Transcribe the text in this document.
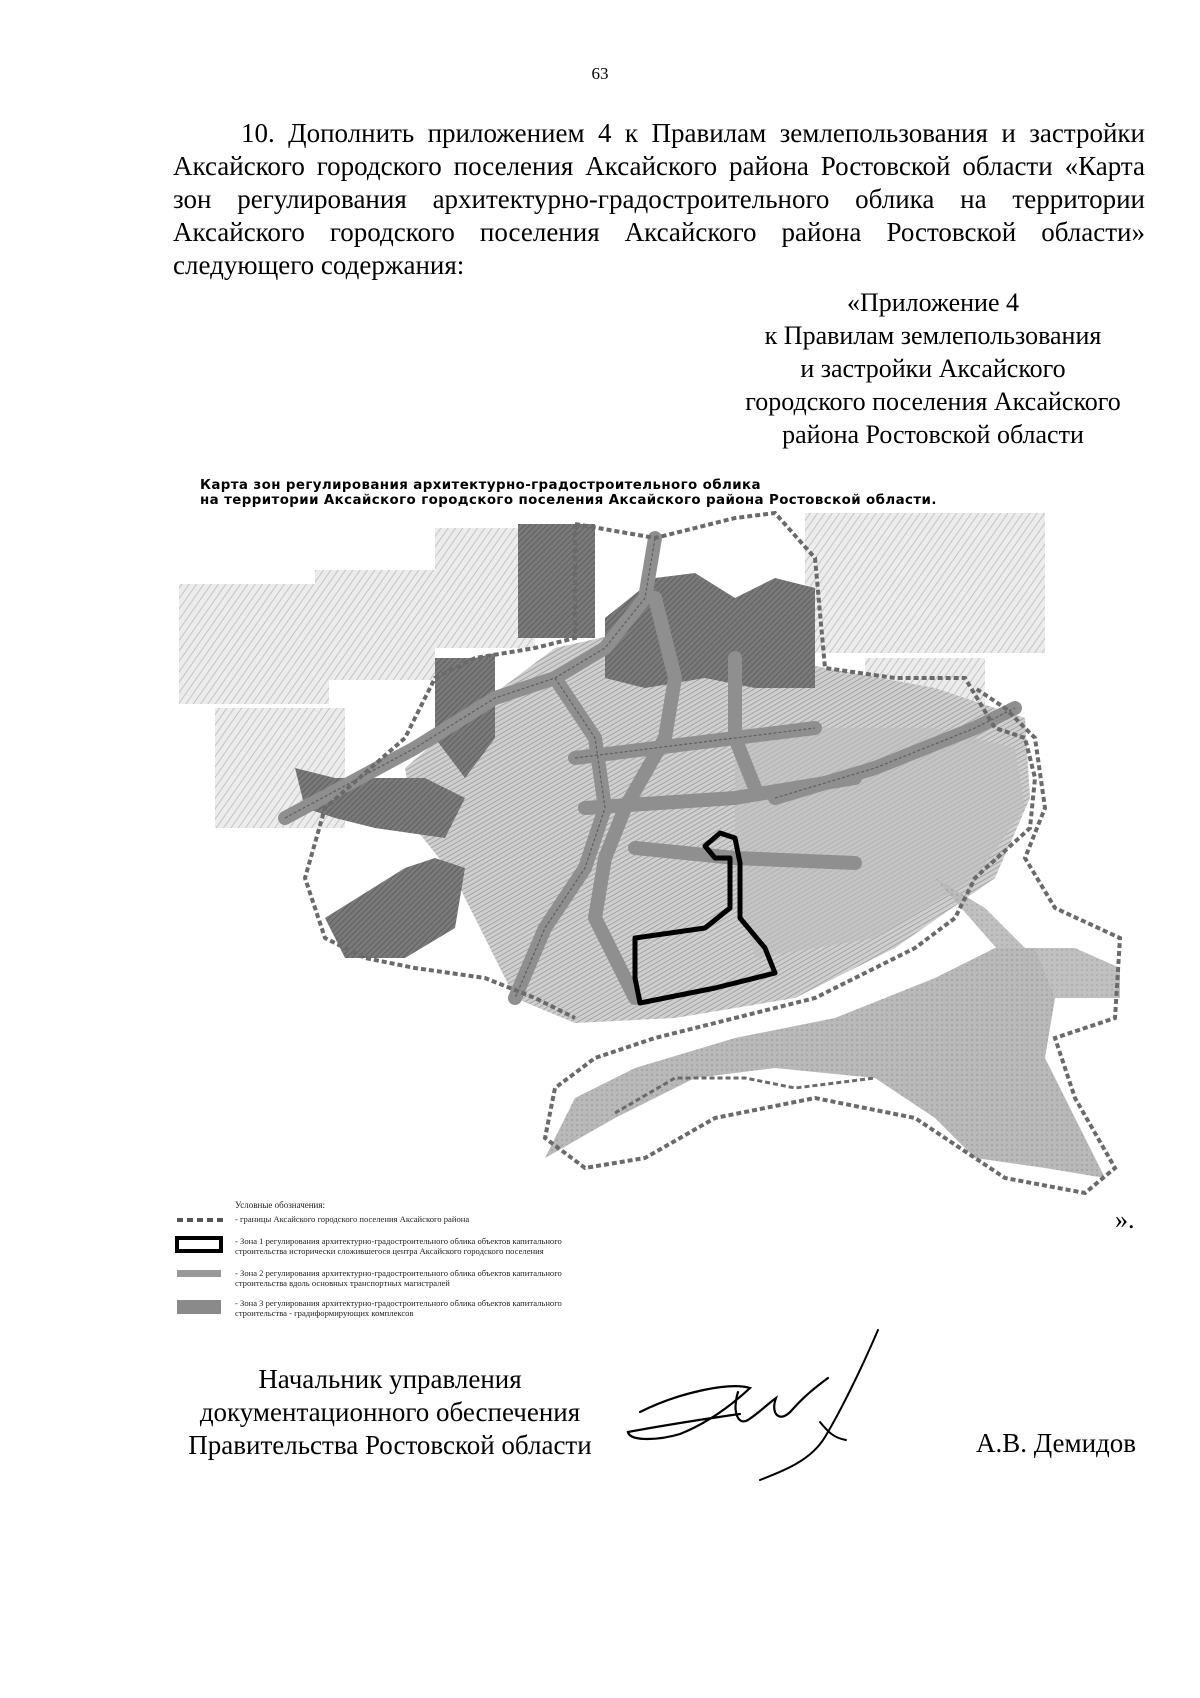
63

10. Дополнить приложением 4 к Правилам землепользования и застройки Аксайского городского поселения Аксайского района Ростовской области «Карта зон регулирования архитектурно-градостроительного облика на территории Аксайского городского поселения Аксайского района Ростовской области» следующего содержания:

«Приложение 4
к Правилам землепользования
и застройки Аксайского
городского поселения Аксайского
района Ростовской области
Карта зон регулирования архитектурно-градостроительного облика
на территории Аксайского городского поселения Аксайского района Ростовской области.
Условные обозначения:
- границы Аксайского городского поселения Аксайского района
- Зона 1 регулирования архитектурно-градостроительного облика объектов капитального строительства исторически сложившегося центра Аксайского городского поселения
- Зона 2 регулирования архитектурно-градостроительного облика объектов капитального строительства вдоль основных транспортных магистралей
- Зона 3 регулирования архитектурно-градостроительного облика объектов капитального строительства - градиформирующих комплексов
».
Начальник управления
документационного обеспечения
Правительства Ростовской области	А.В. Демидов
